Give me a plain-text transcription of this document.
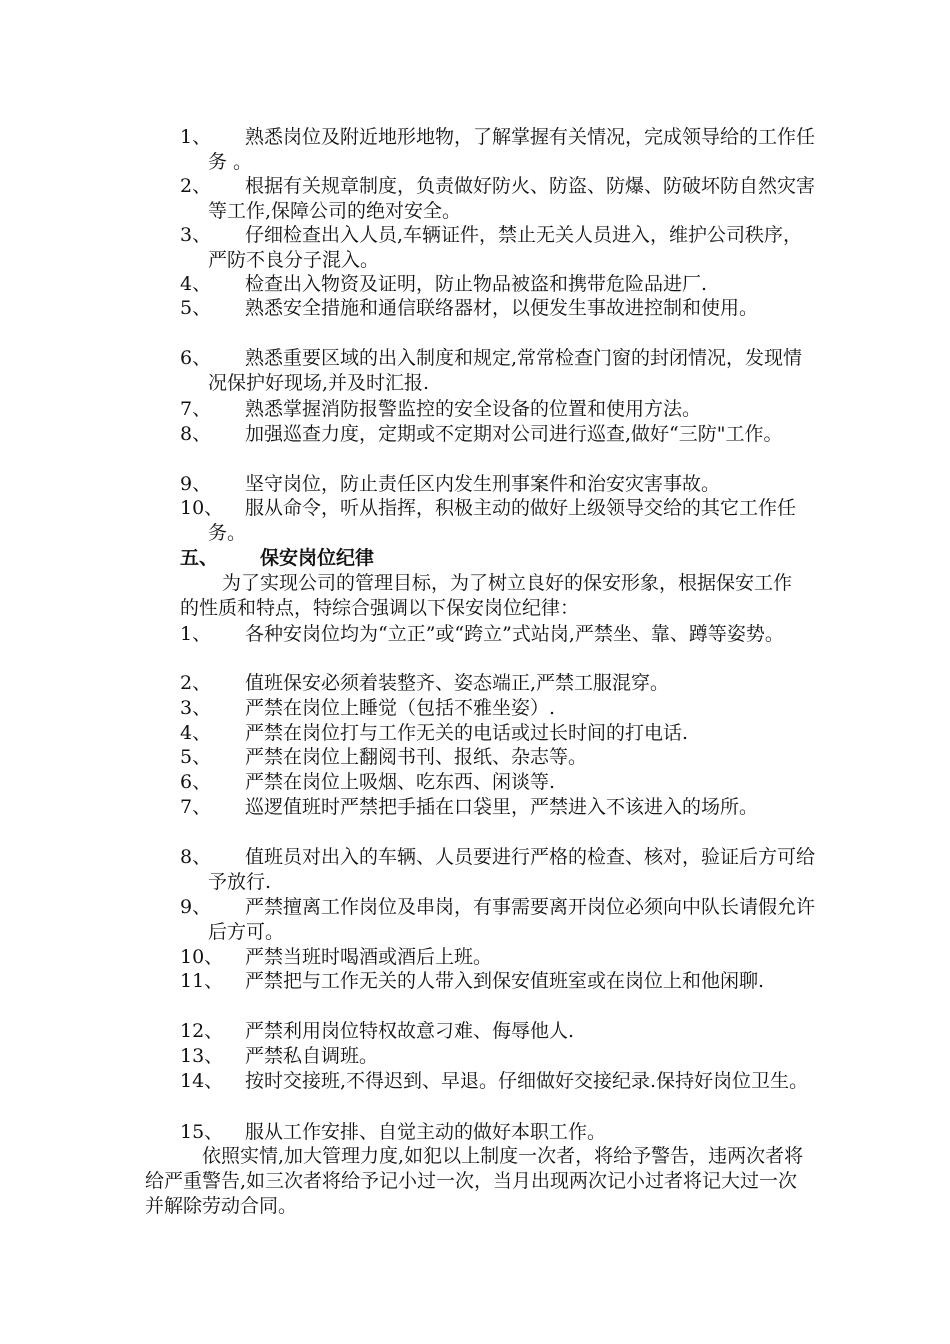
1、	熟悉岗位及附近地形地物，了解掌握有关情况，完成领导给的工作任务 。
2、	根据有关规章制度，负责做好防火、防盗、防爆、防破坏防自然灾害等工作,保障公司的绝对安全。
3、	仔细检查出入人员,车辆证件，禁止无关人员进入，维护公司秩序，严防不良分子混入。
4、	检查出入物资及证明，防止物品被盗和携带危险品进厂.
5、	熟悉安全措施和通信联络器材，以便发生事故进控制和使用。
6、	熟悉重要区域的出入制度和规定,常常检查门窗的封闭情况，发现情况保护好现场,并及时汇报.
7、	熟悉掌握消防报警监控的安全设备的位置和使用方法。
8、	加强巡查力度，定期或不定期对公司进行巡查,做好“三防"工作。
9、	坚守岗位，防止责任区内发生刑事案件和治安灾害事故。
10、	服从命令，听从指挥，积极主动的做好上级领导交给的其它工作任务。
五、 保安岗位纪律
为了实现公司的管理目标，为了树立良好的保安形象，根据保安工作的性质和特点，特综合强调以下保安岗位纪律：
1、	各种安岗位均为“立正”或“跨立”式站岗,严禁坐、靠、蹲等姿势。
2、	值班保安必须着装整齐、姿态端正,严禁工服混穿。
3、	严禁在岗位上睡觉（包括不雅坐姿）.
4、	严禁在岗位打与工作无关的电话或过长时间的打电话.
5、	严禁在岗位上翻阅书刊、报纸、杂志等。
6、	严禁在岗位上吸烟、吃东西、闲谈等.
7、	巡逻值班时严禁把手插在口袋里，严禁进入不该进入的场所。
8、	值班员对出入的车辆、人员要进行严格的检查、核对，验证后方可给予放行.
9、	严禁擅离工作岗位及串岗，有事需要离开岗位必须向中队长请假允许后方可。
10、	严禁当班时喝酒或酒后上班。
11、	严禁把与工作无关的人带入到保安值班室或在岗位上和他闲聊.
12、	严禁利用岗位特权故意刁难、侮辱他人.
13、	严禁私自调班。
14、	按时交接班,不得迟到、早退。仔细做好交接纪录.保持好岗位卫生。
15、	服从工作安排、自觉主动的做好本职工作。
依照实情,加大管理力度,如犯以上制度一次者，将给予警告，违两次者将给严重警告,如三次者将给予记小过一次，当月出现两次记小过者将记大过一次并解除劳动合同。
